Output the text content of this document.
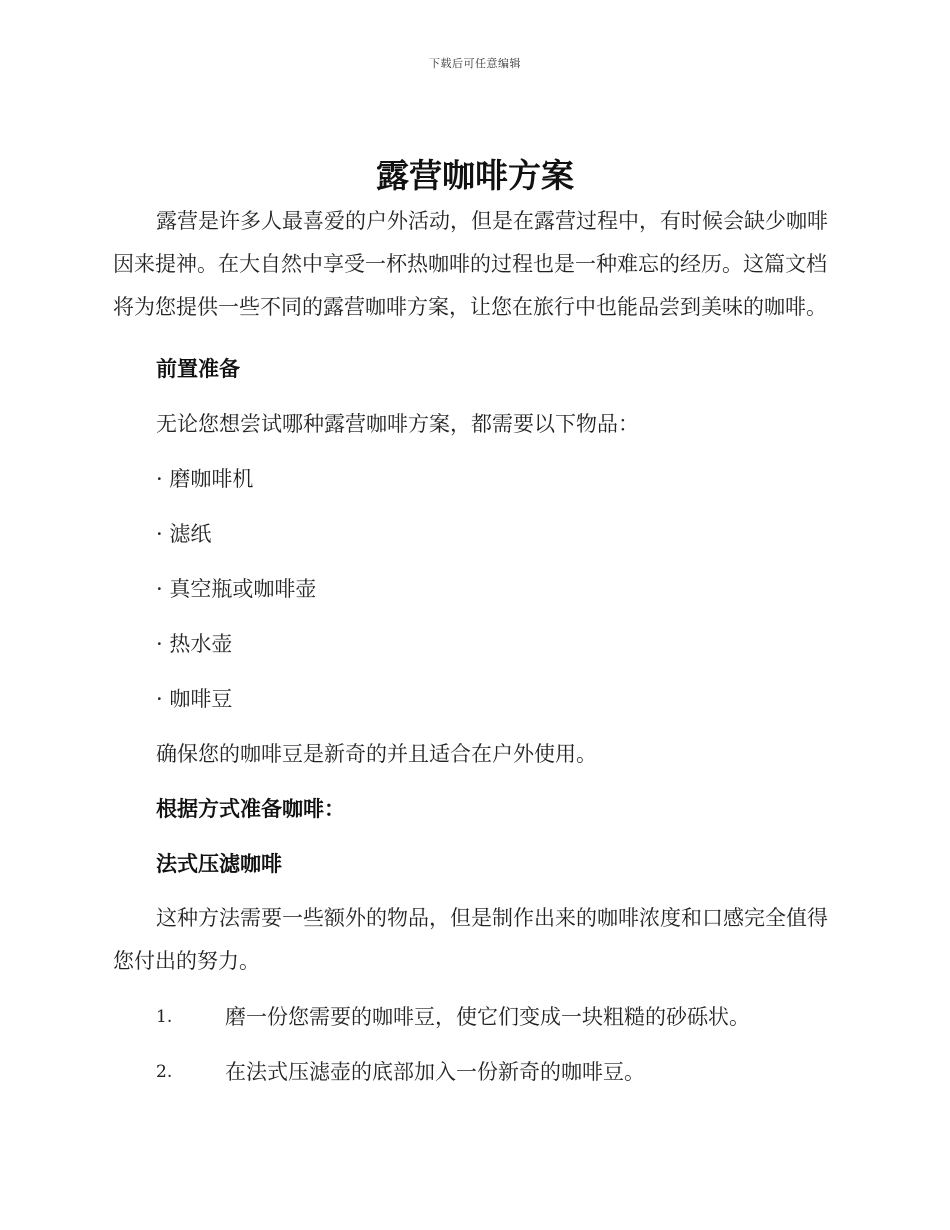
下载后可任意编辑
露营咖啡方案

露营是许多人最喜爱的户外活动，但是在露营过程中，有时候会缺少咖啡因来提神。在大自然中享受一杯热咖啡的过程也是一种难忘的经历。这篇文档将为您提供一些不同的露营咖啡方案，让您在旅行中也能品尝到美味的咖啡。

前置准备

无论您想尝试哪种露营咖啡方案，都需要以下物品：

· 磨咖啡机

· 滤纸

· 真空瓶或咖啡壶

· 热水壶

· 咖啡豆

确保您的咖啡豆是新奇的并且适合在户外使用。

根据方式准备咖啡：

法式压滤咖啡

这种方法需要一些额外的物品，但是制作出来的咖啡浓度和口感完全值得您付出的努力。

1.	磨一份您需要的咖啡豆，使它们变成一块粗糙的砂砾状。
2.	在法式压滤壶的底部加入一份新奇的咖啡豆。
